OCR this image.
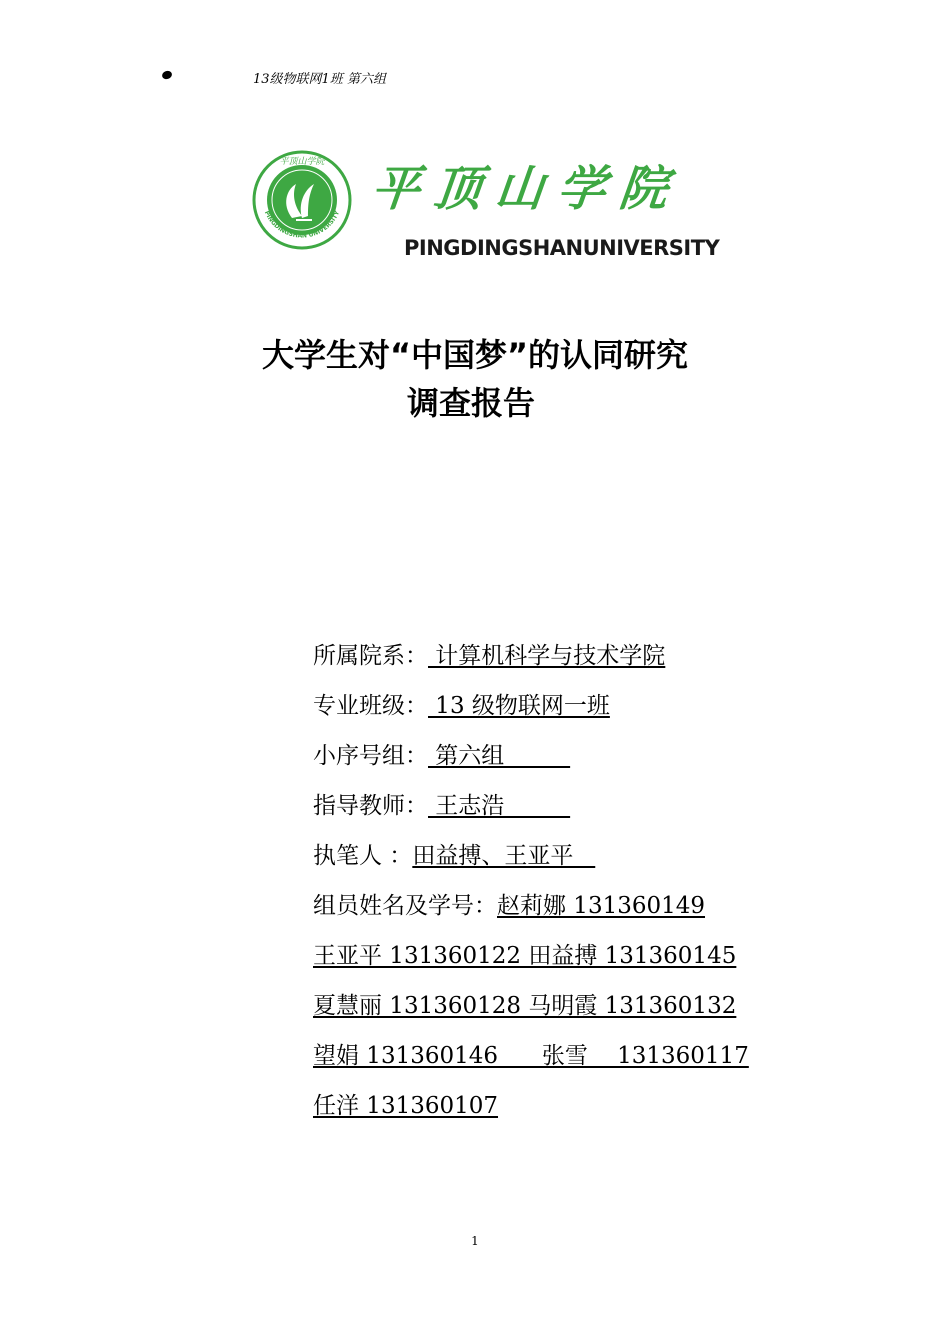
13级物联网1班 第六组
平顶山学院
PINGDINGSHAN UNIVERSITY 平顶山学院
PINGDINGSHANUNIVERSITY
大学生对“中国梦”的认同研究
调查报告
所属院系： 计算机科学与技术学院
专业班级： 13 级物联网一班
小序号组： 第六组
指导教师： 王志浩
执笔人 ：田益搏、王亚平
组员姓名及学号：赵莉娜 131360149
王亚平 131360122 田益搏 131360145
夏慧丽 131360128 马明霞 131360132
望娟 131360146      张雪    131360117
任洋 131360107
1
